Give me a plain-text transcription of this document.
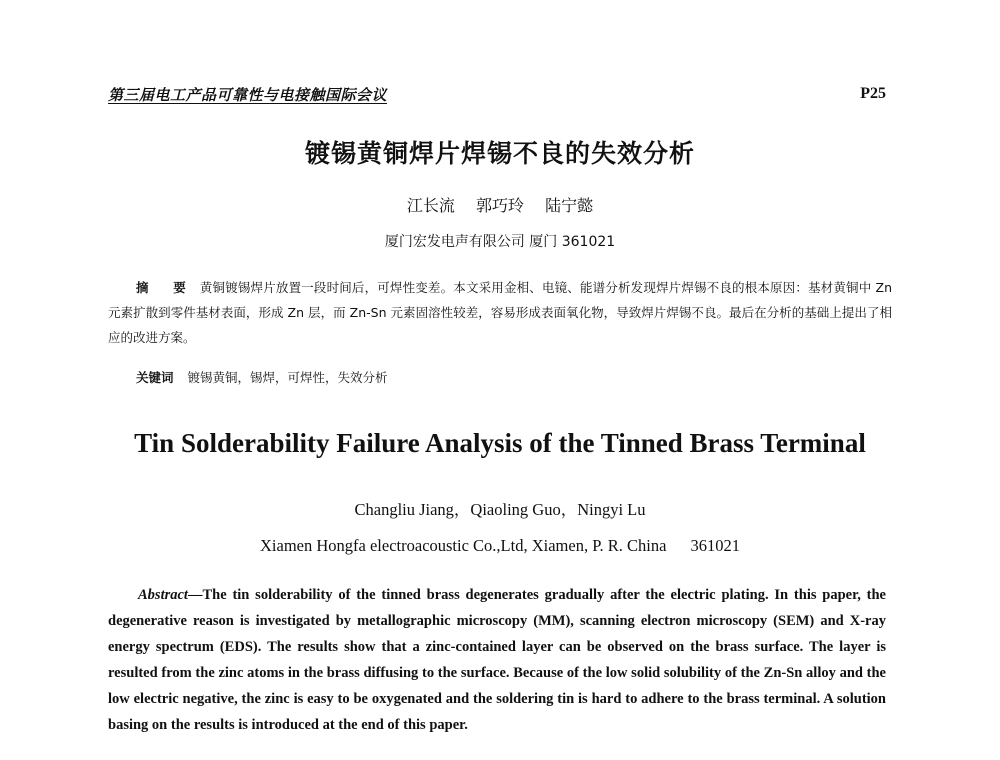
第三届电工产品可靠性与电接触国际会议	P25
镀锡黄铜焊片焊锡不良的失效分析
江长流 郭巧玲 陆宁懿
厦门宏发电声有限公司 厦门 361021
摘 要 黄铜镀锡焊片放置一段时间后，可焊性变差。本文采用金相、电镜、能谱分析发现焊片焊锡不良的根本原因：基材黄铜中 Zn 元素扩散到零件基材表面，形成 Zn 层，而 Zn-Sn 元素固溶性较差，容易形成表面氧化物，导致焊片焊锡不良。最后在分析的基础上提出了相应的改进方案。
关键词 镀锡黄铜，锡焊，可焊性，失效分析
Tin Solderability Failure Analysis of the Tinned Brass Terminal
Changliu Jiang，Qiaoling Guo，Ningyi Lu
Xiamen Hongfa electroacoustic Co.,Ltd, Xiamen, P. R. China 361021
Abstract—The tin solderability of the tinned brass degenerates gradually after the electric plating. In this paper, the degenerative reason is investigated by metallographic microscopy (MM), scanning electron microscopy (SEM) and X-ray energy spectrum (EDS). The results show that a zinc-contained layer can be observed on the brass surface. The layer is resulted from the zinc atoms in the brass diffusing to the surface. Because of the low solid solubility of the Zn-Sn alloy and the low electric negative, the zinc is easy to be oxygenated and the soldering tin is hard to adhere to the brass terminal. A solution basing on the results is introduced at the end of this paper.
